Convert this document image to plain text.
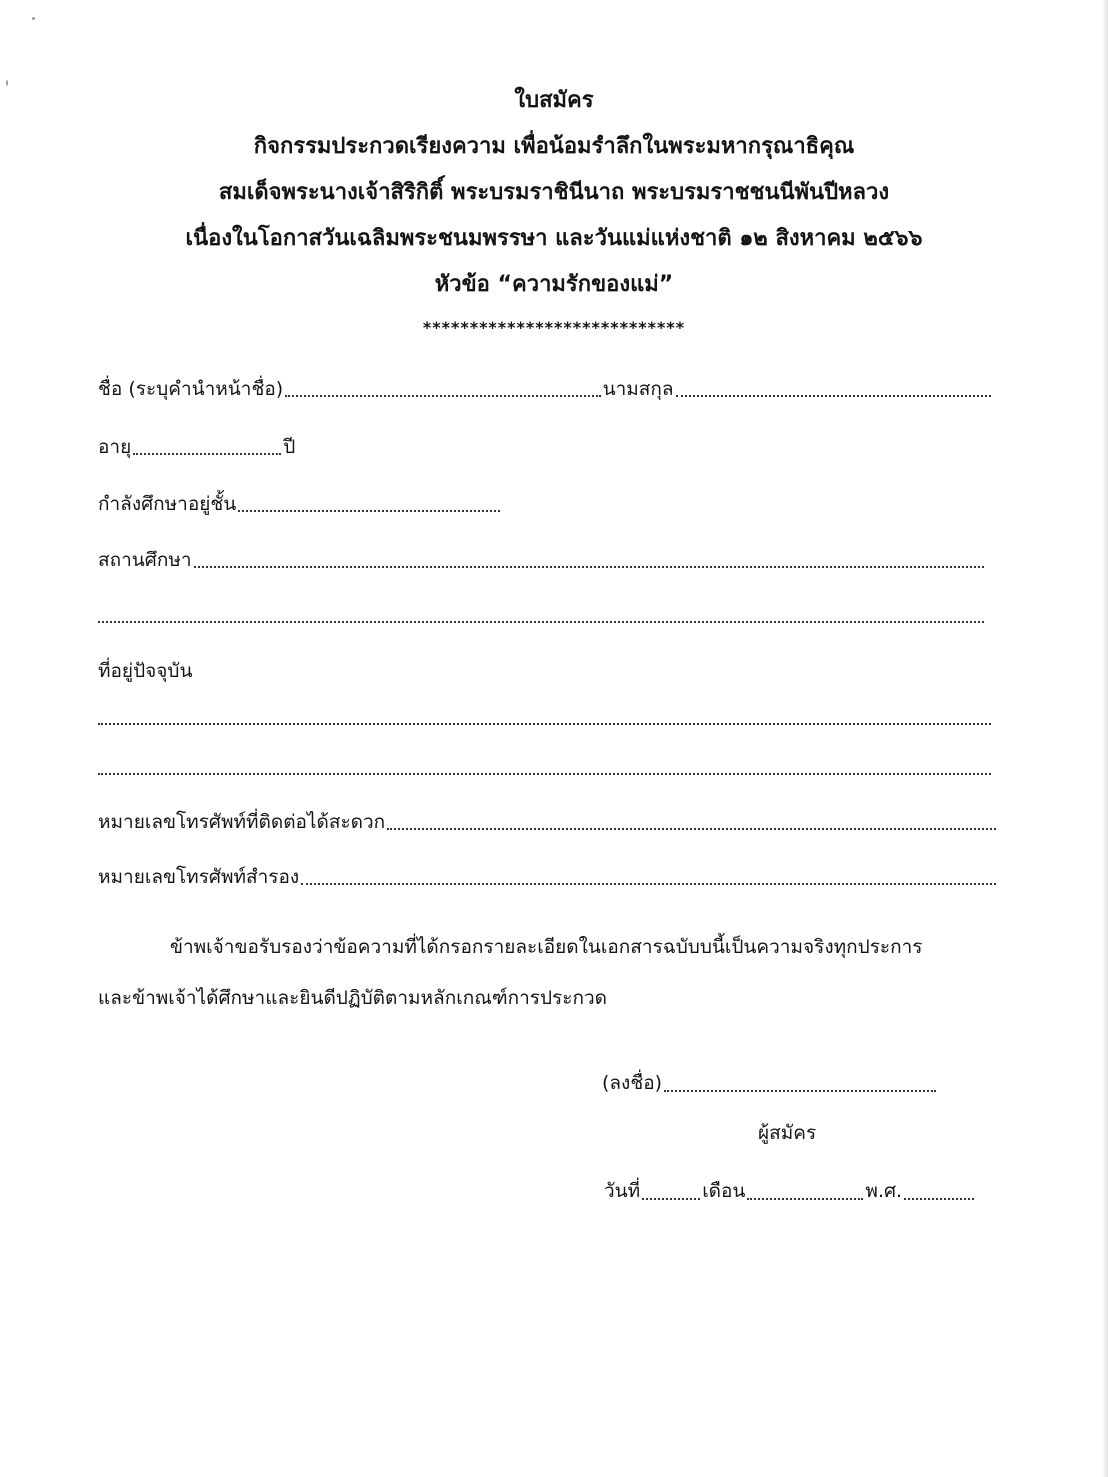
ใบสมัคร
กิจกรรมประกวดเรียงความ เพื่อน้อมรำลึกในพระมหากรุณาธิคุณ
สมเด็จพระนางเจ้าสิริกิติ์ พระบรมราชินีนาถ พระบรมราชชนนีพันปีหลวง
เนื่องในโอกาสวันเฉลิมพระชนมพรรษา และวันแม่แห่งชาติ ๑๒ สิงหาคม ๒๕๖๖
หัวข้อ “ความรักของแม่”
****************************
ชื่อ (ระบุคำนำหน้าชื่อ)	นามสกุล
อายุ	ปี
กำลังศึกษาอยู่ชั้น
สถานศึกษา
ที่อยู่ปัจจุบัน
หมายเลขโทรศัพท์ที่ติดต่อได้สะดวก
หมายเลขโทรศัพท์สำรอง
ข้าพเจ้าขอรับรองว่าข้อความที่ได้กรอกรายละเอียดในเอกสารฉบับบนี้เป็นความจริงทุกประการ
และข้าพเจ้าได้ศึกษาและยินดีปฏิบัติตามหลักเกณฑ์การประกวด
(ลงชื่อ)
ผู้สมัคร
วันที่	เดือน	พ.ศ.
